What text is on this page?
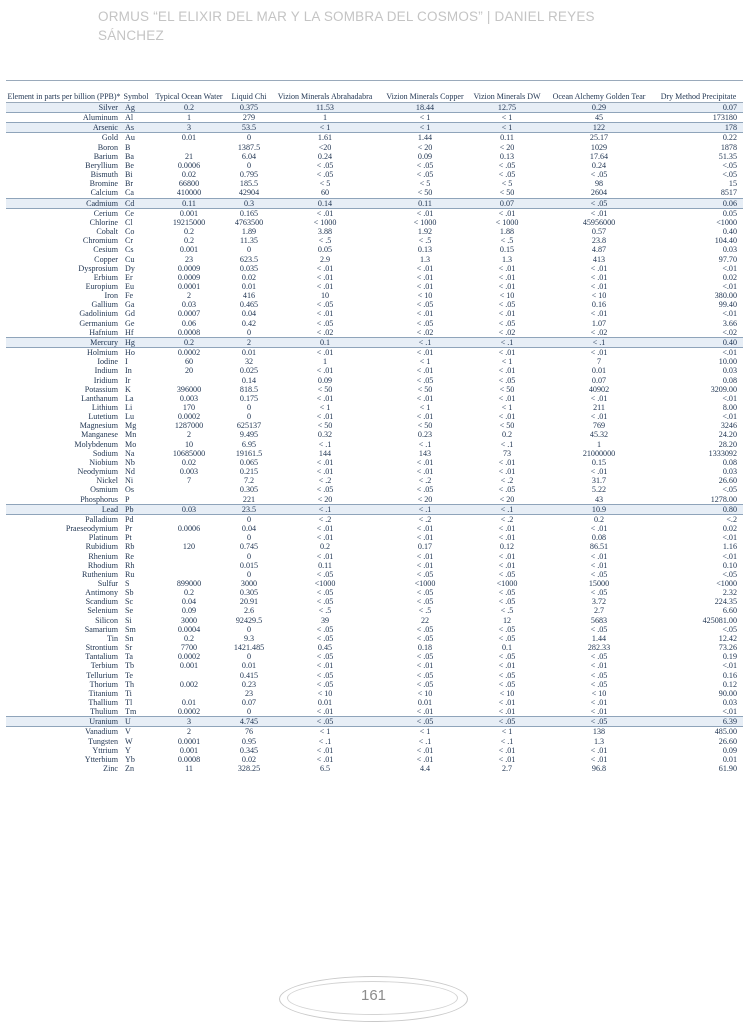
ORMUS “EL ELIXIR DEL MAR Y LA SOMBRA DEL COSMOS” | DANIEL REYES SÁNCHEZ
Element in parts per billion (PPB)*	Symbol	Typical Ocean Water	Liquid Chi	Vizion Minerals Abrahadabra	Vizion Minerals Copper	Vizion Minerals DW	Ocean Alchemy Golden Tear	Dry Method Precipitate
Silver	Ag	0.2	0.375	11.53	18.44	12.75	0.29	0.07
Aluminum	Al	1	279	1	< 1	< 1	45	173180
Arsenic	As	3	53.5	< 1	< 1	< 1	122	178
Gold	Au	0.01	0	1.61	1.44	0.11	25.17	0.22
Boron	B		1387.5	<20	< 20	< 20	1029	1878
Barium	Ba	21	6.04	0.24	0.09	0.13	17.64	51.35
Beryllium	Be	0.0006	0	< .05	< .05	< .05	0.24	<.05
Bismuth	Bi	0.02	0.795	< .05	< .05	< .05	< .05	<.05
Bromine	Br	66800	185.5	< 5	< 5	< 5	98	15
Calcium	Ca	410000	42904	60	< 50	< 50	2604	8517
Cadmium	Cd	0.11	0.3	0.14	0.11	0.07	< .05	0.06
Cerium	Ce	0.001	0.165	< .01	< .01	< .01	< .01	0.05
Chlorine	Cl	19215000	4763500	< 1000	< 1000	< 1000	45956000	<1000
Cobalt	Co	0.2	1.89	3.88	1.92	1.88	0.57	0.40
Chromium	Cr	0.2	11.35	< .5	< .5	< .5	23.8	104.40
Cesium	Cs	0.001	0	0.05	0.13	0.15	4.87	0.03
Copper	Cu	23	623.5	2.9	1.3	1.3	413	97.70
Dysprosium	Dy	0.0009	0.035	< .01	< .01	< .01	< .01	<.01
Erbium	Er	0.0009	0.02	< .01	< .01	< .01	< .01	0.02
Europium	Eu	0.0001	0.01	< .01	< .01	< .01	< .01	<.01
Iron	Fe	2	416	10	< 10	< 10	< 10	380.00
Gallium	Ga	0.03	0.465	< .05	< .05	< .05	0.16	99.40
Gadolinium	Gd	0.0007	0.04	< .01	< .01	< .01	< .01	<.01
Germanium	Ge	0.06	0.42	< .05	< .05	< .05	1.07	3.66
Hafnium	Hf	0.0008	0	< .02	< .02	< .02	< .02	<.02
Mercury	Hg	0.2	2	0.1	< .1	< .1	< .1	0.40
Holmium	Ho	0.0002	0.01	< .01	< .01	< .01	< .01	<.01
Iodine	I	60	32	1	< 1	< 1	7	10.00
Indium	In	20	0.025	< .01	< .01	< .01	0.01	0.03
Iridium	Ir		0.14	0.09	< .05	< .05	0.07	0.08
Potassium	K	396000	818.5	< 50	< 50	< 50	40902	3209.00
Lanthanum	La	0.003	0.175	< .01	< .01	< .01	< .01	<.01
Lithium	Li	170	0	< 1	< 1	< 1	211	8.00
Lutetium	Lu	0.0002	0	< .01	< .01	< .01	< .01	<.01
Magnesium	Mg	1287000	625137	< 50	< 50	< 50	769	3246
Manganese	Mn	2	9.495	0.32	0.23	0.2	45.32	24.20
Molybdenum	Mo	10	6.95	< .1	< .1	< .1	1	28.20
Sodium	Na	10685000	19161.5	144	143	73	21000000	1333092
Niobium	Nb	0.02	0.065	< .01	< .01	< .01	0.15	0.08
Neodymium	Nd	0.003	0.215	< .01	< .01	< .01	< .01	0.03
Nickel	Ni	7	7.2	< .2	< .2	< .2	31.7	26.60
Osmium	Os		0.305	< .05	< .05	< .05	5.22	<.05
Phosphorus	P		221	< 20	< 20	< 20	43	1278.00
Lead	Pb	0.03	23.5	< .1	< .1	< .1	10.9	0.80
Palladium	Pd		0	< .2	< .2	< .2	0.2	<.2
Praeseodymium	Pr	0.0006	0.04	< .01	< .01	< .01	< .01	0.02
Platinum	Pt		0	< .01	< .01	< .01	0.08	<.01
Rubidium	Rb	120	0.745	0.2	0.17	0.12	86.51	1.16
Rhenium	Re		0	< .01	< .01	< .01	< .01	<.01
Rhodium	Rh		0.015	0.11	< .01	< .01	< .01	0.10
Ruthenium	Ru		0	< .05	< .05	< .05	< .05	<.05
Sulfur	S	899000	3000	<1000	<1000	<1000	15000	<1000
Antimony	Sb	0.2	0.305	< .05	< .05	< .05	< .05	2.32
Scandium	Sc	0.04	20.91	< .05	< .05	< .05	3.72	224.35
Selenium	Se	0.09	2.6	< .5	< .5	< .5	2.7	6.60
Silicon	Si	3000	92429.5	39	22	12	5683	425081.00
Samarium	Sm	0.0004	0	< .05	< .05	< .05	< .05	<.05
Tin	Sn	0.2	9.3	< .05	< .05	< .05	1.44	12.42
Strontium	Sr	7700	1421.485	0.45	0.18	0.1	282.33	73.26
Tantalium	Ta	0.0002	0	< .05	< .05	< .05	< .05	0.19
Terbium	Tb	0.001	0.01	< .01	< .01	< .01	< .01	<.01
Tellurium	Te		0.415	< .05	< .05	< .05	< .05	0.16
Thorium	Th	0.002	0.23	< .05	< .05	< .05	< .05	0.12
Titanium	Ti		23	< 10	< 10	< 10	< 10	90.00
Thallium	Tl	0.01	0.07	0.01	0.01	< .01	< .01	0.03
Thulium	Tm	0.0002	0	< .01	< .01	< .01	< .01	<.01
Uranium	U	3	4.745	< .05	< .05	< .05	< .05	6.39
Vanadium	V	2	76	< 1	< 1	< 1	138	485.00
Tungsten	W	0.0001	0.95	< .1	< .1	< .1	1.3	26.60
Yttrium	Y	0.001	0.345	< .01	< .01	< .01	< .01	0.09
Ytterbium	Yb	0.0008	0.02	< .01	< .01	< .01	< .01	0.01
Zinc	Zn	11	328.25	6.5	4.4	2.7	96.8	61.90
161
